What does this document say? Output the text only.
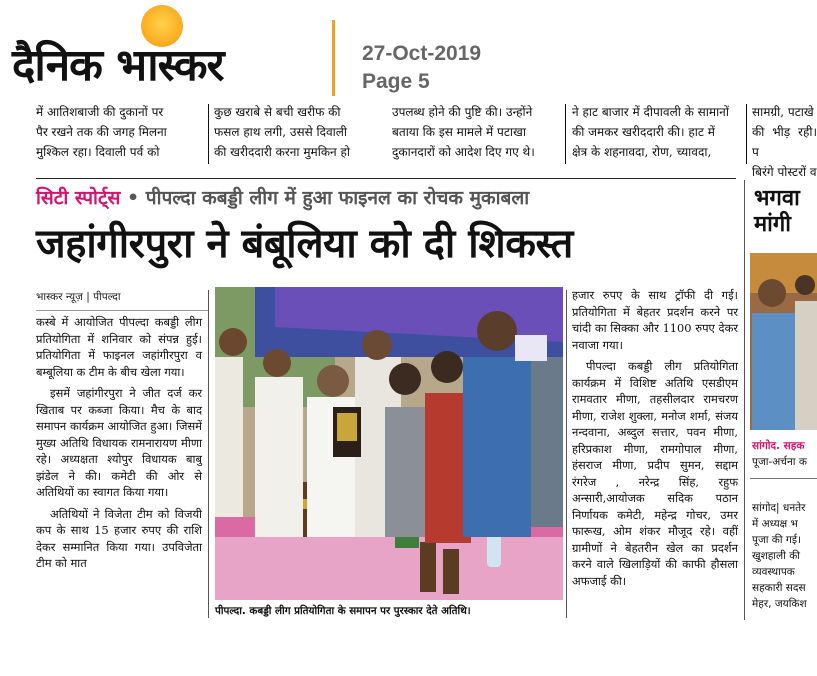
दैनिक भास्कर	27-Oct-2019
Page 5

में आतिशबाजी की दुकानों पर

पैर रखने तक की जगह मिलना

मुश्किल रहा। दिवाली पर्व को

कुछ खराबे से बची खरीफ की

फसल हाथ लगी, उससे दिवाली

की खरीददारी करना मुमकिन हो

उपलब्ध होने की पुष्टि की। उन्होंने

बताया कि इस मामले में पटाखा

दुकानदारों को आदेश दिए गए थे।

ने हाट बाजार में दीपावली के सामानों

की जमकर खरीददारी की। हाट में

क्षेत्र के शहनावदा, रोण, च्यावदा,

सामग्री, पटाखे

की भीड़ रही। प

बिरंगे पोस्टरों व

सिटी स्पोर्ट्स • पीपल्दा कबड्डी लीग में हुआ फाइनल का रोचक मुकाबला
जहांगीरपुरा ने बंबूलिया को दी शिकस्त
भास्कर न्यूज़ | पीपल्दा

कस्बे में आयोजित पीपल्दा कबड्डी लीग प्रतियोगिता में शनिवार को संपन्न हुई। प्रतियोगिता में फाइनल जहांगीरपुरा व बम्बूलिया क टीम के बीच खेला गया।

इसमें जहांगीरपुरा ने जीत दर्ज कर खिताब पर कब्जा किया। मैच के बाद समापन कार्यक्रम आयोजित हुआ। जिसमें मुख्य अतिथि विधायक रामनारायण मीणा रहे। अध्यक्षता श्योपुर विधायक बाबु झंडेल ने की। कमेटी की ओर से अतिथियों का स्वागत किया गया।

अतिथियों ने विजेता टीम को विजयी कप के साथ 15 हजार रुपए की राशि देकर सम्मानित किया गया। उपविजेता टीम को मात

पीपल्दा. कबड्डी लीग प्रतियोगिता के समापन पर पुरस्कार देते अतिथि।

हजार रुपए के साथ ट्रॉफी दी गई। प्रतियोगिता में बेहतर प्रदर्शन करने पर चांदी का सिक्का और 1100 रुपए देकर नवाजा गया।

पीपल्दा कबड्डी लीग प्रतियोगिता कार्यक्रम में विशिष्ट अतिथि एसडीएम रामवतार मीणा, तहसीलदार रामचरण मीणा, राजेश शुक्ला, मनोज शर्मा, संजय नन्दवाना, अब्दुल सत्तार, पवन मीणा, हरिप्रकाश मीणा, रामगोपाल मीणा, हंसराज मीणा, प्रदीप सुमन, सद्दाम रंगरेज , नरेन्द्र सिंह, रहुफ अन्सारी,आयोजक सदिक पठान निर्णायक कमेटी, महेन्द्र गोचर, उमर फारूख, ओम शंकर मौजूद रहे। वहीं ग्रामीणों ने बेहतरीन खेल का प्रदर्शन करने वाले खिलाड़ियों की काफी हौसला अफजाई की।

भगवा
मांगी
सांगोद. सहक
पूजा-अर्चना क
सांगोद| धनतेर
में अध्यक्ष भ
पूजा की गई।
खुशहाली की
व्यवस्थापक
सहकारी सदस
मेहर, जयकिश
